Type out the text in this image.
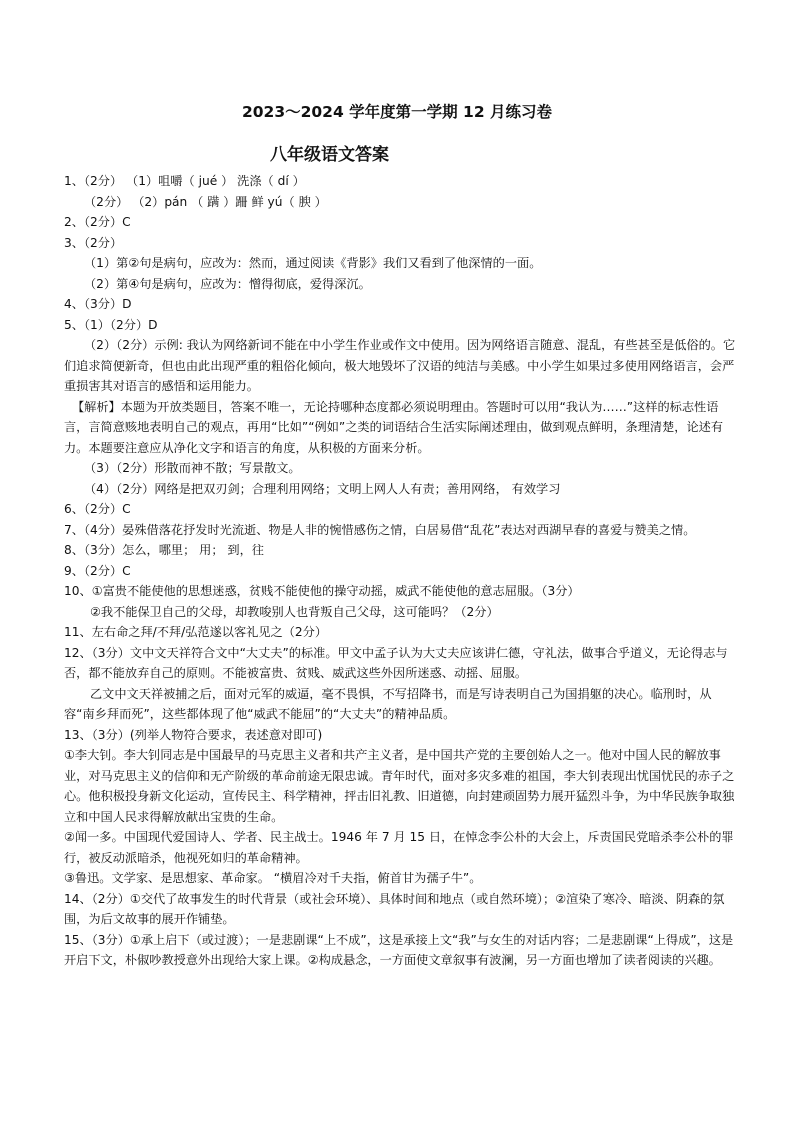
2023～2024 学年度第一学期 12 月练习卷
八年级语文答案
1、（2分） （1）咀嚼（ jué ） 洗涤（ dí ）
（2分） （2）pán （ 蹒 ）跚 鲜 yú（ 腴 ）
2、（2分）C
3、（2分）
（1）第②句是病句，应改为：然而，通过阅读《背影》我们又看到了他深情的一面。
（2）第④句是病句，应改为：憎得彻底，爱得深沉。
4、（3分）D
5、（1）（2分）D
（2）（2分）示例: 我认为网络新词不能在中小学生作业或作文中使用。因为网络语言随意、混乱，有些甚至是低俗的。它们追求简便新奇，但也由此出现严重的粗俗化倾向，极大地毁坏了汉语的纯洁与美感。中小学生如果过多使用网络语言，会严重损害其对语言的感悟和运用能力。
【解析】本题为开放类题目，答案不唯一，无论持哪种态度都必须说明理由。答题时可以用“我认为……”这样的标志性语言，言简意赅地表明自己的观点，再用“比如”“例如”之类的词语结合生活实际阐述理由，做到观点鲜明，条理清楚，论述有力。本题要注意应从净化文字和语言的角度，从积极的方面来分析。
（3）（2分）形散而神不散；写景散文。
（4）（2分）网络是把双刃剑；合理利用网络；文明上网人人有责；善用网络， 有效学习
6、（2分）C
7、（4分）晏殊借落花抒发时光流逝、物是人非的惋惜感伤之情，白居易借“乱花”表达对西湖早春的喜爱与赞美之情。
8、（3分）怎么，哪里； 用； 到，往
9、（2分）C
10、①富贵不能使他的思想迷惑，贫贱不能使他的操守动摇，威武不能使他的意志屈服。（3分）
②我不能保卫自己的父母，却教唆别人也背叛自己父母，这可能吗？（2分）
11、左右命之拜/不拜/弘范遂以客礼见之（2分）
12、（3分）文中文天祥符合文中“大丈夫”的标准。甲文中孟子认为大丈夫应该讲仁德，守礼法，做事合乎道义，无论得志与否，都不能放弃自己的原则。不能被富贵、贫贱、威武这些外因所迷惑、动摇、屈服。
乙文中文天祥被捕之后，面对元军的威逼，毫不畏惧，不写招降书，而是写诗表明自己为国捐躯的决心。临刑时，从容“南乡拜而死”，这些都体现了他“威武不能屈”的“大丈夫”的精神品质。
13、（3分）(列举人物符合要求，表述意对即可)
①李大钊。李大钊同志是中国最早的马克思主义者和共产主义者，是中国共产党的主要创始人之一。他对中国人民的解放事业，对马克思主义的信仰和无产阶级的革命前途无限忠诚。青年时代，面对多灾多难的祖国，李大钊表现出忧国忧民的赤子之心。他积极投身新文化运动，宣传民主、科学精神，抨击旧礼教、旧道德，向封建顽固势力展开猛烈斗争，为中华民族争取独立和中国人民求得解放献出宝贵的生命。
②闻一多。中国现代爱国诗人、学者、民主战士。1946 年 7 月 15 日，在悼念李公朴的大会上，斥责国民党暗杀李公朴的罪行，被反动派暗杀，他视死如归的革命精神。
③鲁迅。文学家、是思想家、革命家。 “横眉冷对千夫指，俯首甘为孺子牛”。
14、（2分）①交代了故事发生的时代背景（或社会环境）、具体时间和地点（或自然环境）；②渲染了寒冷、暗淡、阴森的氛围，为后文故事的展开作铺垫。
15、（3分）①承上启下（或过渡）；一是悲剧课“上不成”，这是承接上文“我”与女生的对话内容；二是悲剧课“上得成”，这是开启下文，朴俶吵教授意外出现给大家上课。②构成悬念，一方面使文章叙事有波澜，另一方面也增加了读者阅读的兴趣。
